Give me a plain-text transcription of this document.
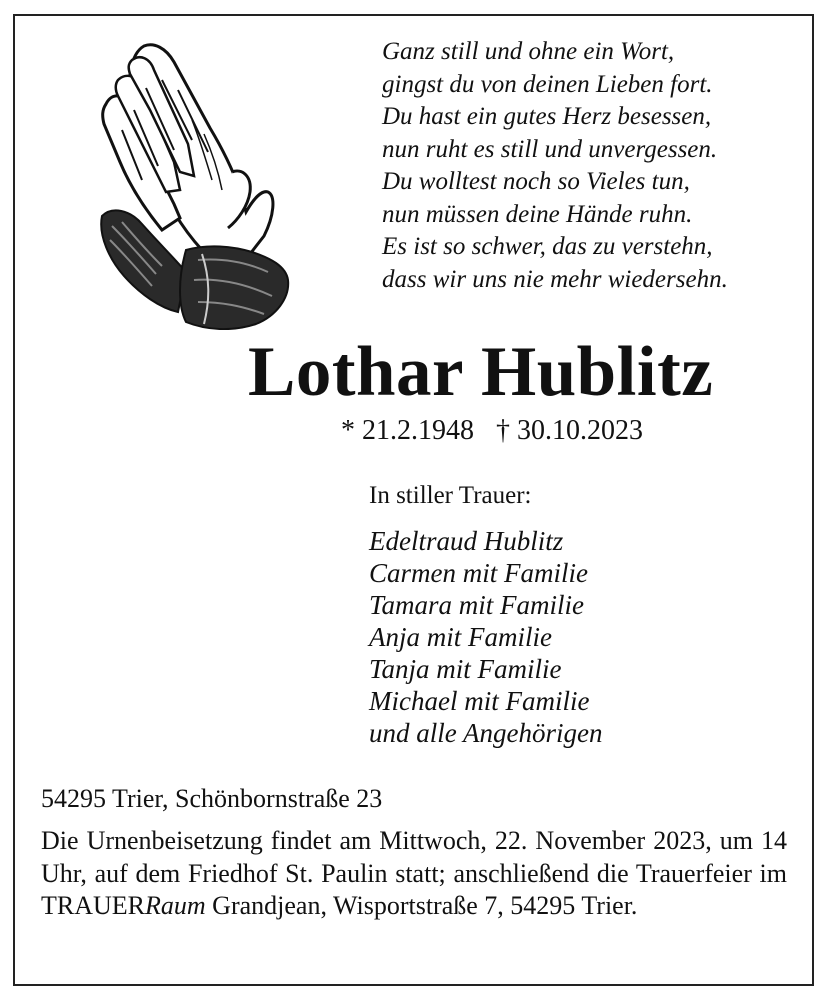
Ganz still und ohne ein Wort,
gingst du von deinen Lieben fort.
Du hast ein gutes Herz besessen,
nun ruht es still und unvergessen.
Du wolltest noch so Vieles tun,
nun müssen deine Hände ruhn.
Es ist so schwer, das zu verstehn,
dass wir uns nie mehr wiedersehn.
Lothar Hublitz
* 21.2.1948 † 30.10.2023
In stiller Trauer:
Edeltraud Hublitz
Carmen mit Familie
Tamara mit Familie
Anja mit Familie
Tanja mit Familie
Michael mit Familie
und alle Angehörigen
54295 Trier, Schönbornstraße 23
Die Urnenbeisetzung findet am Mittwoch, 22. November 2023, um 14 Uhr, auf dem Friedhof St. Paulin statt; anschließend die Trauerfeier im TRAUERRaum Grandjean, Wisportstraße 7, 54295 Trier.
